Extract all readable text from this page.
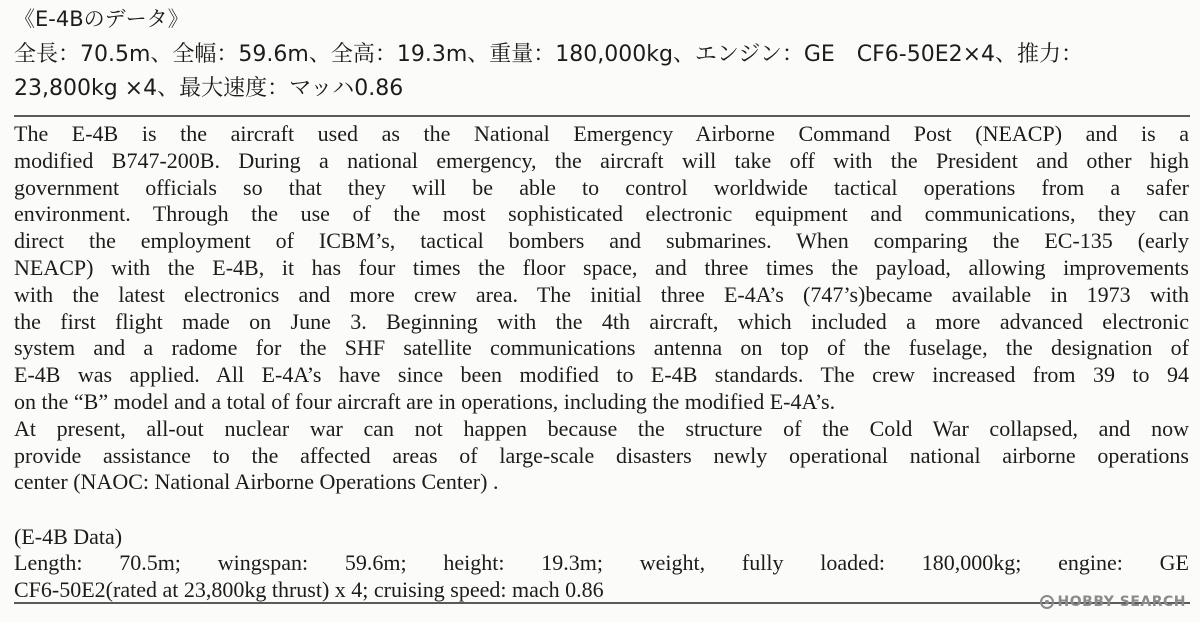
《E-4Bのデータ》
全長：70.5m、全幅：59.6m、全高：19.3m、重量：180,000kg、エンジン：GE　CF6-50E2×4、推力：
23,800kg ×4、最大速度：マッハ0.86
The E-4B is the aircraft used as the National Emergency Airborne Command Post (NEACP) and is a
modified B747-200B. During a national emergency, the aircraft will take off with the President and other high
government officials so that they will be able to control worldwide tactical operations from a safer
environment. Through the use of the most sophisticated electronic equipment and communications, they can
direct the employment of ICBM’s, tactical bombers and submarines. When comparing the EC-135 (early
NEACP) with the E-4B, it has four times the floor space, and three times the payload, allowing improvements
with the latest electronics and more crew area. The initial three E-4A’s (747’s)became available in 1973 with
the first flight made on June 3. Beginning with the 4th aircraft, which included a more advanced electronic
system and a radome for the SHF satellite communications antenna on top of the fuselage, the designation of
E-4B was applied. All E-4A’s have since been modified to E-4B standards. The crew increased from 39 to 94
on the “B” model and a total of four aircraft are in operations, including the modified E-4A’s.
At present, all-out nuclear war can not happen because the structure of the Cold War collapsed, and now
provide assistance to the affected areas of large-scale disasters newly operational national airborne operations
center (NAOC: National Airborne Operations Center) .
(E-4B Data)
Length: 70.5m; wingspan: 59.6m; height: 19.3m; weight, fully loaded: 180,000kg; engine: GE
CF6-50E2(rated at 23,800kg thrust) x 4; cruising speed: mach 0.86
HOBBY SEARCH
